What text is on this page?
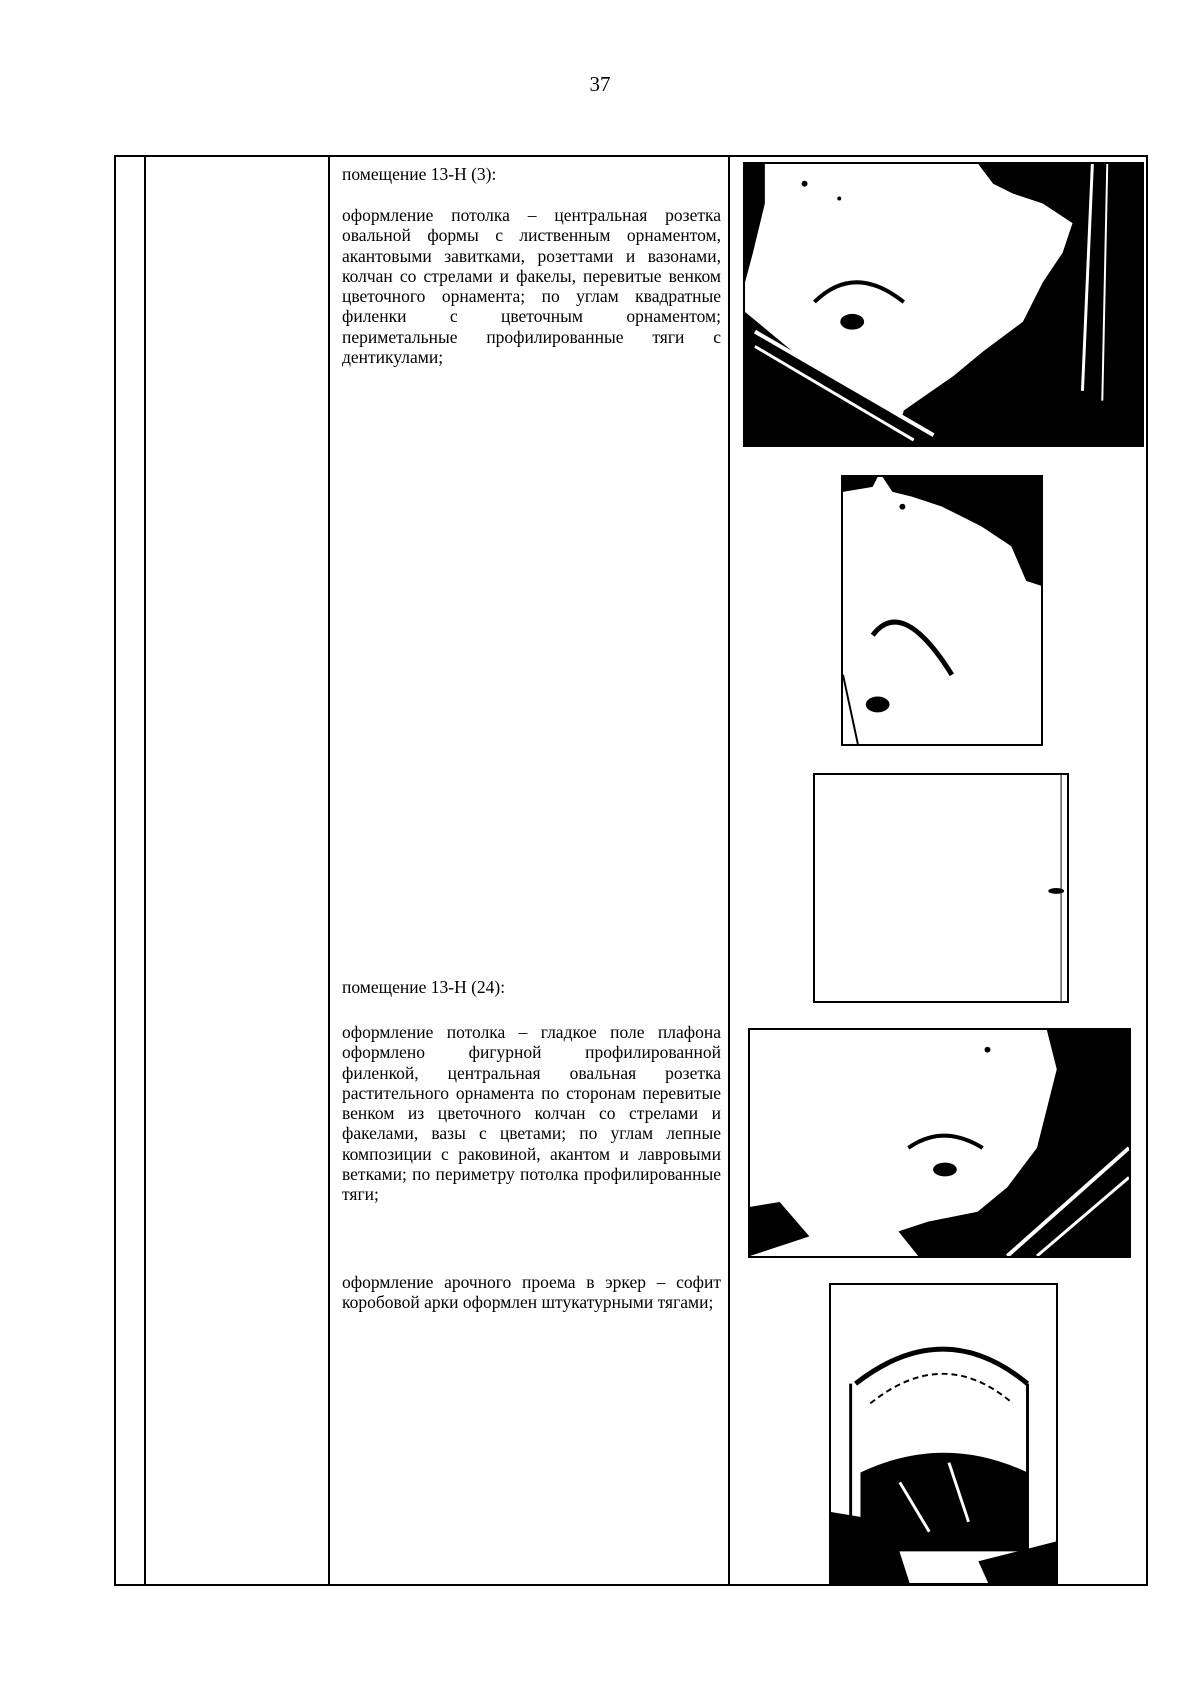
37

помещение 13-Н (3):

оформление потолка – центральная розетка овальной формы с лиственным орнаментом, акантовыми завитками, розеттами и вазонами, колчан со стрелами и факелы, перевитые венком цветочного орнамента; по углам квадратные филенки с цветочным орнаментом; периметальные профилированные тяги с дентикулами;

помещение 13-Н (24):

оформление потолка – гладкое поле плафона оформлено фигурной профилированной филенкой, центральная овальная розетка растительного орнамента по сторонам перевитые венком из цветочного колчан со стрелами и факелами, вазы с цветами; по углам лепные композиции с раковиной, акантом и лавровыми ветками; по периметру потолка профилированные тяги;

оформление арочного проема в эркер – софит коробовой арки оформлен штукатурными тягами;
